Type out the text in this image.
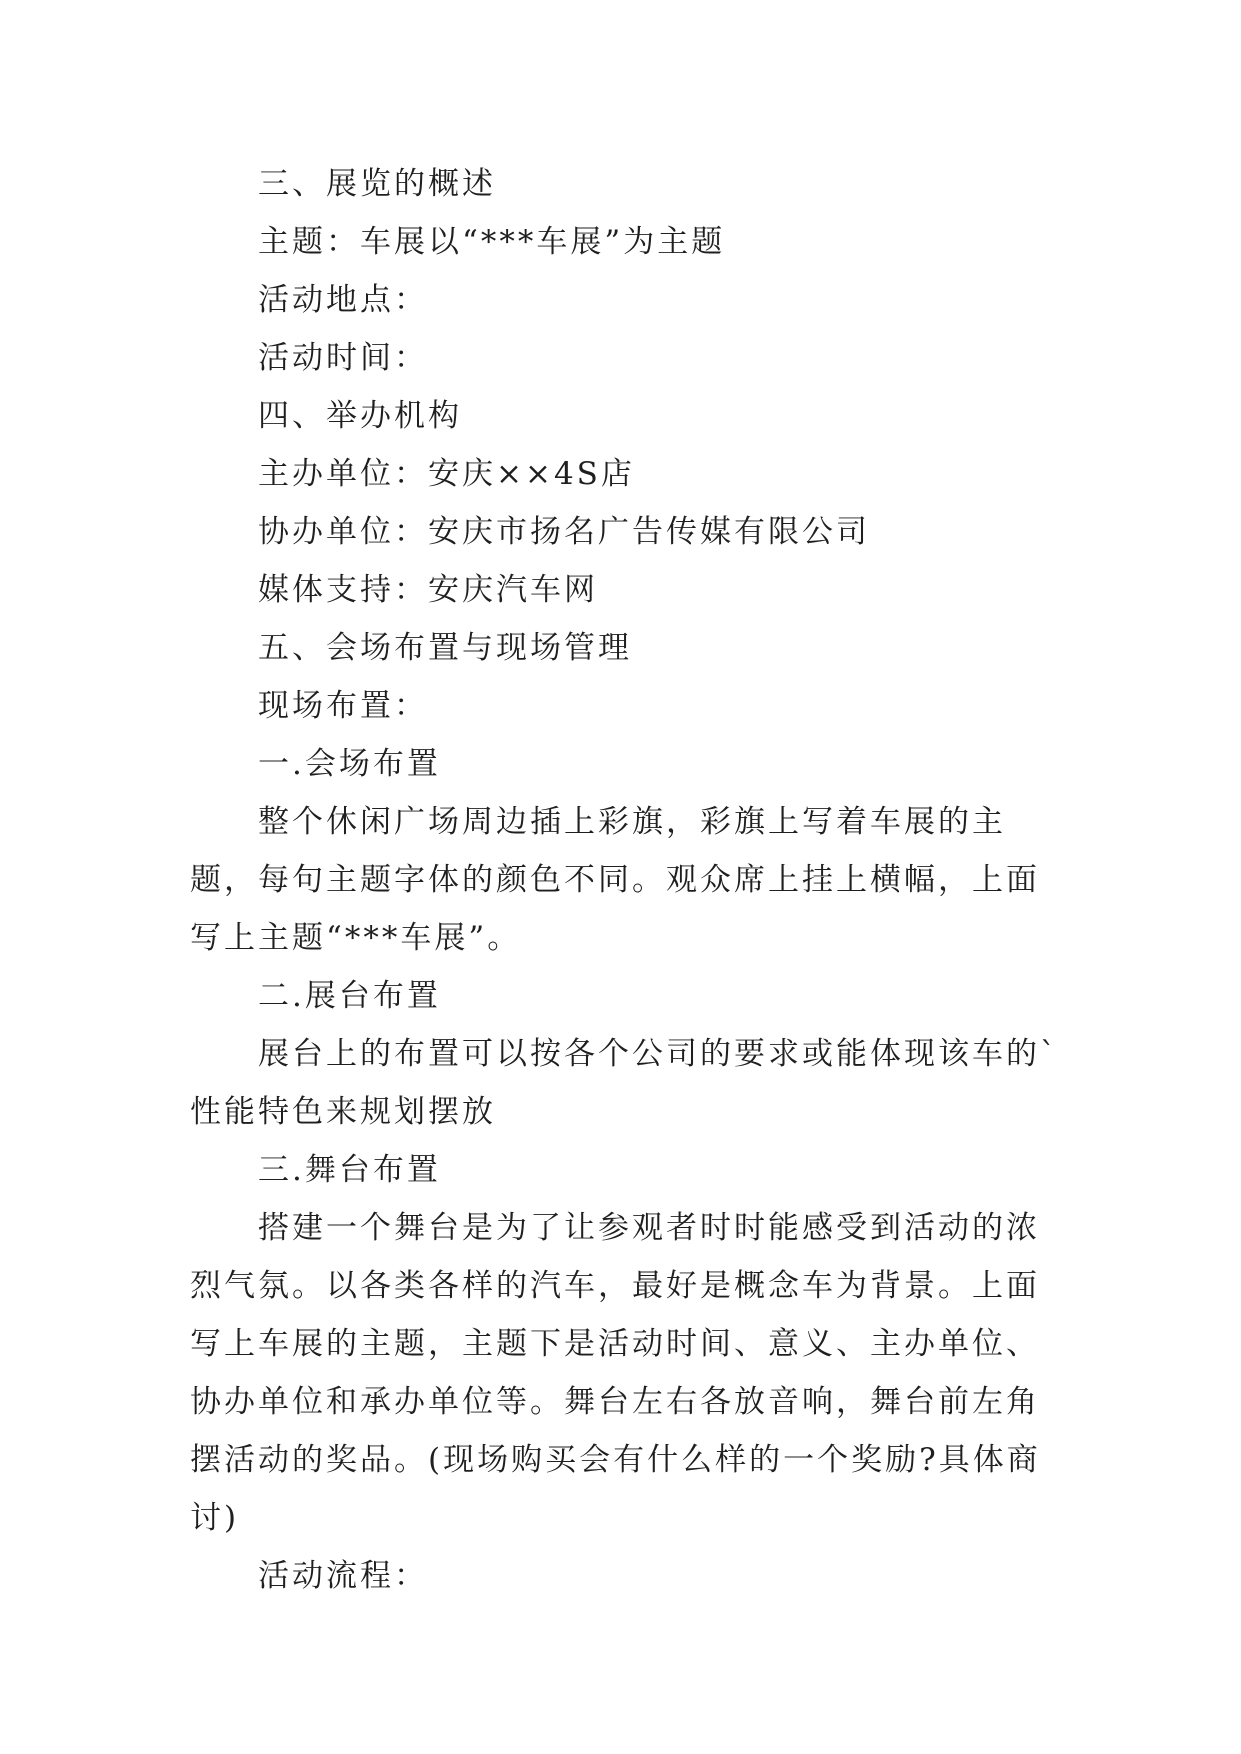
三、展览的概述

主题：车展以“***车展”为主题

活动地点：

活动时间：

四、举办机构

主办单位：安庆××4S店

协办单位：安庆市扬名广告传媒有限公司

媒体支持：安庆汽车网

五、会场布置与现场管理

现场布置：

一.会场布置

整个休闲广场周边插上彩旗，彩旗上写着车展的主题，每句主题字体的颜色不同。观众席上挂上横幅，上面写上主题“***车展”。

二.展台布置

展台上的布置可以按各个公司的要求或能体现该车的`性能特色来规划摆放

三.舞台布置

搭建一个舞台是为了让参观者时时能感受到活动的浓烈气氛。以各类各样的汽车，最好是概念车为背景。上面写上车展的主题，主题下是活动时间、意义、主办单位、协办单位和承办单位等。舞台左右各放音响，舞台前左角摆活动的奖品。(现场购买会有什么样的一个奖励?具体商讨)

活动流程：
